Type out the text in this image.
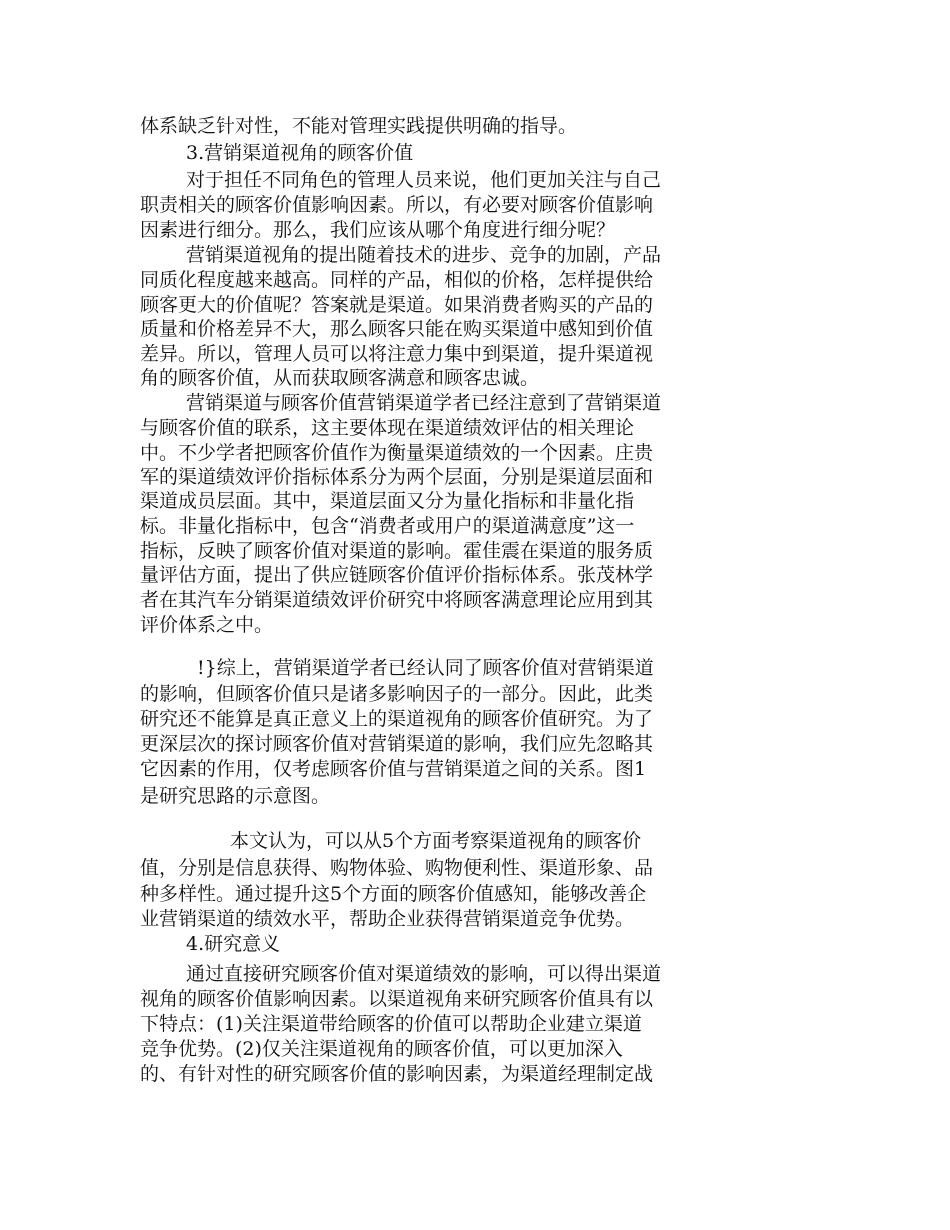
体系缺乏针对性，不能对管理实践提供明确的指导。
3.营销渠道视角的顾客价值
对于担任不同角色的管理人员来说，他们更加关注与自己
职责相关的顾客价值影响因素。所以，有必要对顾客价值影响
因素进行细分。那么，我们应该从哪个角度进行细分呢？
营销渠道视角的提出随着技术的进步、竞争的加剧，产品
同质化程度越来越高。同样的产品，相似的价格，怎样提供给
顾客更大的价值呢？答案就是渠道。如果消费者购买的产品的
质量和价格差异不大，那么顾客只能在购买渠道中感知到价值
差异。所以，管理人员可以将注意力集中到渠道，提升渠道视
角的顾客价值，从而获取顾客满意和顾客忠诚。
营销渠道与顾客价值营销渠道学者已经注意到了营销渠道
与顾客价值的联系，这主要体现在渠道绩效评估的相关理论
中。不少学者把顾客价值作为衡量渠道绩效的一个因素。庄贵
军的渠道绩效评价指标体系分为两个层面，分别是渠道层面和
渠道成员层面。其中，渠道层面又分为量化指标和非量化指
标。非量化指标中，包含“消费者或用户的渠道满意度”这一
指标，反映了顾客价值对渠道的影响。霍佳震在渠道的服务质
量评估方面，提出了供应链顾客价值评价指标体系。张茂林学
者在其汽车分销渠道绩效评价研究中将顾客满意理论应用到其
评价体系之中。
!}综上，营销渠道学者已经认同了顾客价值对营销渠道
的影响，但顾客价值只是诸多影响因子的一部分。因此，此类
研究还不能算是真正意义上的渠道视角的顾客价值研究。为了
更深层次的探讨顾客价值对营销渠道的影响，我们应先忽略其
它因素的作用，仅考虑顾客价值与营销渠道之间的关系。图1
是研究思路的示意图。
本文认为，可以从5个方面考察渠道视角的顾客价
值，分别是信息获得、购物体验、购物便利性、渠道形象、品
种多样性。通过提升这5个方面的顾客价值感知，能够改善企
业营销渠道的绩效水平，帮助企业获得营销渠道竞争优势。
4.研究意义
通过直接研究顾客价值对渠道绩效的影响，可以得出渠道
视角的顾客价值影响因素。以渠道视角来研究顾客价值具有以
下特点：(1)关注渠道带给顾客的价值可以帮助企业建立渠道
竞争优势。(2)仅关注渠道视角的顾客价值，可以更加深入
的、有针对性的研究顾客价值的影响因素，为渠道经理制定战
